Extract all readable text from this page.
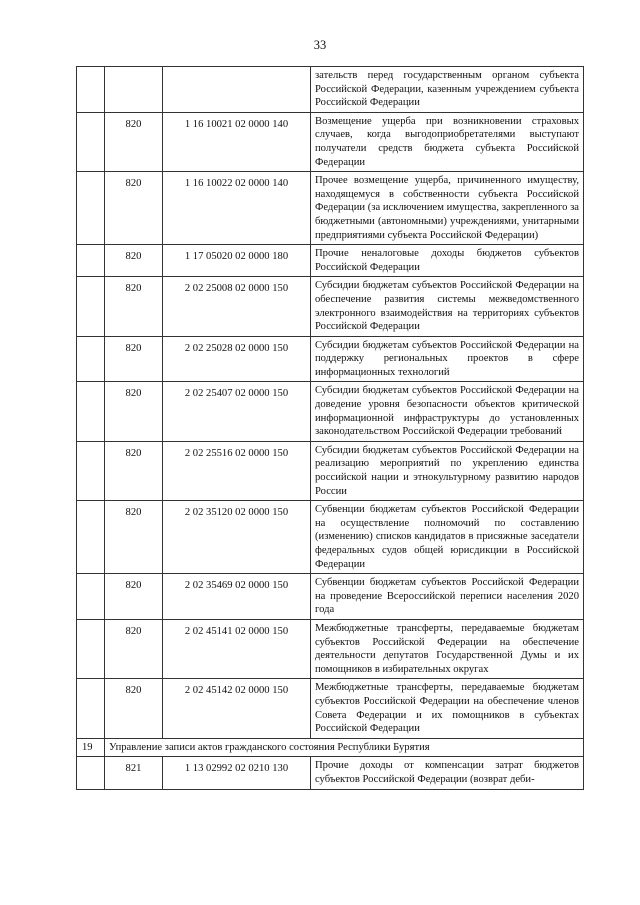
33
			зательств перед государственным органом субъекта Российской Федерации, казенным учреждением субъекта Российской Федерации
	820	1 16 10021 02 0000 140	Возмещение ущерба при возникновении страховых случаев, когда выгодоприобретателями выступают получатели средств бюджета субъекта Российской Федерации
	820	1 16 10022 02 0000 140	Прочее возмещение ущерба, причиненного имуществу, находящемуся в собственности субъекта Российской Федерации (за исключением имущества, закрепленного за бюджетными (автономными) учреждениями, унитарными предприятиями субъекта Российской Федерации)
	820	1 17 05020 02 0000 180	Прочие неналоговые доходы бюджетов субъектов Российской Федерации
	820	2 02 25008 02 0000 150	Субсидии бюджетам субъектов Российской Федерации на обеспечение развития системы межведомственного электронного взаимодействия на территориях субъектов Российской Федерации
	820	2 02 25028 02 0000 150	Субсидии бюджетам субъектов Российской Федерации на поддержку региональных проектов в сфере информационных технологий
	820	2 02 25407 02 0000 150	Субсидии бюджетам субъектов Российской Федерации на доведение уровня безопасности объектов критической информационной инфраструктуры до установленных законодательством Российской Федерации требований
	820	2 02 25516 02 0000 150	Субсидии бюджетам субъектов Российской Федерации на реализацию мероприятий по укреплению единства российской нации и этнокультурному развитию народов России
	820	2 02 35120 02 0000 150	Субвенции бюджетам субъектов Российской Федерации на осуществление полномочий по составлению (изменению) списков кандидатов в присяжные заседатели федеральных судов общей юрисдикции в Российской Федерации
	820	2 02 35469 02 0000 150	Субвенции бюджетам субъектов Российской Федерации на проведение Всероссийской переписи населения 2020 года
	820	2 02 45141 02 0000 150	Межбюджетные трансферты, передаваемые бюджетам субъектов Российской Федерации на обеспечение деятельности депутатов Государственной Думы и их помощников в избирательных округах
	820	2 02 45142 02 0000 150	Межбюджетные трансферты, передаваемые бюджетам субъектов Российской Федерации на обеспечение членов Совета Федерации и их помощников в субъектах Российской Федерации
19	Управление записи актов гражданского состояния Республики Бурятия		
	821	1 13 02992 02 0210 130	Прочие доходы от компенсации затрат бюджетов субъектов Российской Федерации (возврат деби-
